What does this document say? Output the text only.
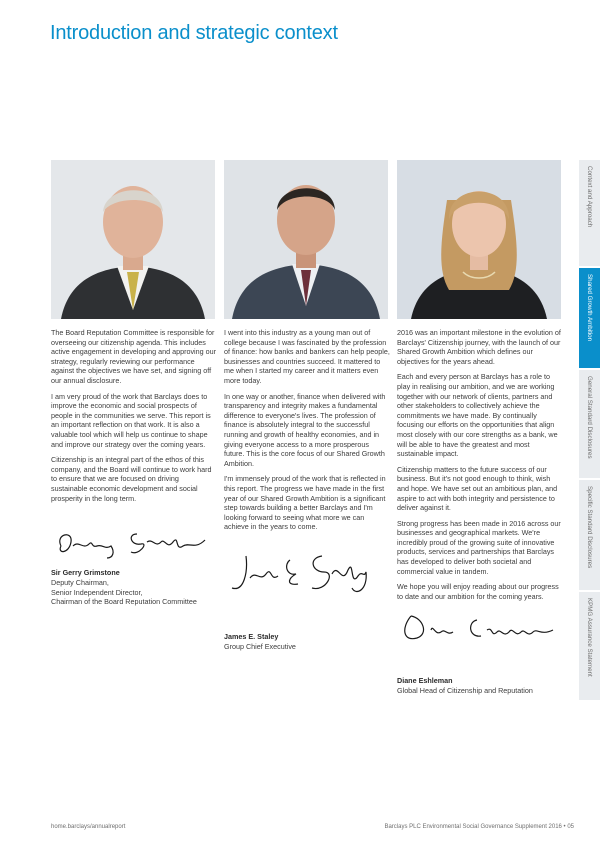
Introduction and strategic context

The Board Reputation Committee is responsible for overseeing our citizenship agenda. This includes active engagement in developing and approving our strategy, regularly reviewing our performance against the objectives we have set, and signing off our annual disclosure.

I am very proud of the work that Barclays does to improve the economic and social prospects of people in the communities we serve. This report is an important reflection on that work. It is also a valuable tool which will help us continue to shape and improve our strategy over the coming years.

Citizenship is an integral part of the ethos of this company, and the Board will continue to work hard to ensure that we are focused on driving sustainable economic development and social prosperity in the long term.

Sir Gerry Grimstone
Deputy Chairman,
Senior Independent Director,
Chairman of the Board Reputation Committee

I went into this industry as a young man out of college because I was fascinated by the profession of finance: how banks and bankers can help people, businesses and countries succeed. It mattered to me when I started my career and it matters even more today.

In one way or another, finance when delivered with transparency and integrity makes a fundamental difference to everyone's lives. The profession of finance is absolutely integral to the successful running and growth of healthy economies, and in giving everyone access to a more prosperous future. This is the core focus of our Shared Growth Ambition.

I'm immensely proud of the work that is reflected in this report. The progress we have made in the first year of our Shared Growth Ambition is a significant step towards building a better Barclays and I'm looking forward to seeing what more we can achieve in the years to come.

James E. Staley
Group Chief Executive

2016 was an important milestone in the evolution of Barclays' Citizenship journey, with the launch of our Shared Growth Ambition which defines our objectives for the years ahead.

Each and every person at Barclays has a role to play in realising our ambition, and we are working together with our network of clients, partners and other stakeholders to collectively achieve the commitments we have made. By continually focusing our efforts on the opportunities that align most closely with our core strengths as a bank, we will be able to have the greatest and most sustainable impact.

Citizenship matters to the future success of our business. But it's not good enough to think, wish and hope. We have set out an ambitious plan, and aspire to act with both integrity and persistence to deliver against it.

Strong progress has been made in 2016 across our businesses and geographical markets. We're incredibly proud of the growing suite of innovative products, services and partnerships that Barclays has developed to deliver both societal and commercial value in tandem.

We hope you will enjoy reading about our progress to date and our ambition for the coming years.

Diane Eshleman
Global Head of Citizenship and Reputation
Context and Approach
Shared Growth Ambition
General Standard Disclosures
Specific Standard Disclosures
KPMG Assurance Statement
home.barclays/annualreport	Barclays PLC Environmental Social Governance Supplement 2016 • 05
